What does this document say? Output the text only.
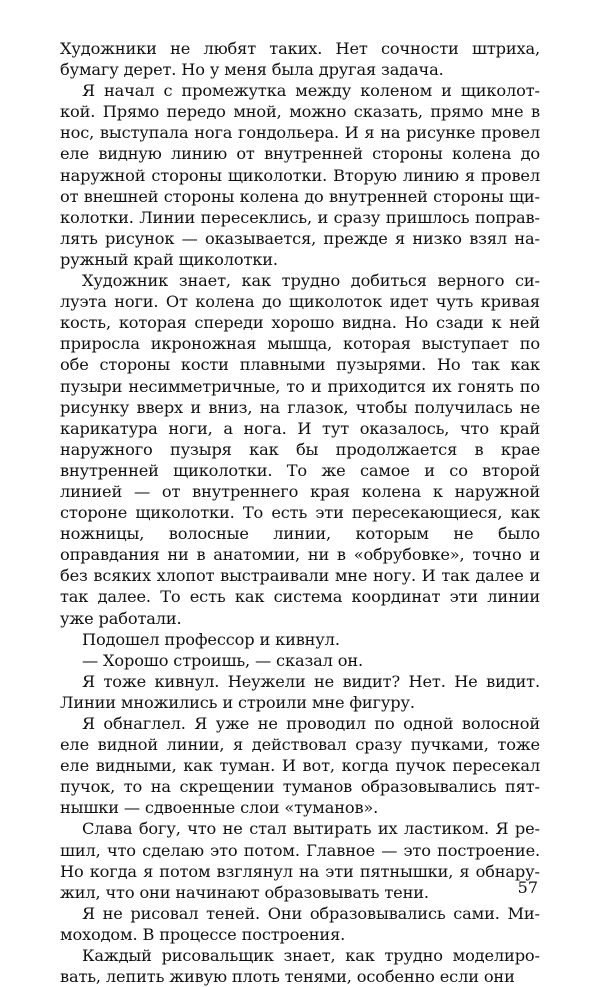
Художники не любят таких. Нет сочности штриха, бумагу дерет. Но у меня была другая задача.

Я начал с промежутка между коленом и щиколоткой. Прямо передо мной, можно сказать, прямо мне в нос, выступала нога гондольера. И я на рисунке провел еле видную линию от внутренней стороны колена до наружной стороны щиколотки. Вторую линию я провел от внешней стороны колена до внутренней стороны щиколотки. Линии пересеклись, и сразу пришлось поправлять рисунок — оказывается, прежде я низко взял наружный край щиколотки.

Художник знает, как трудно добиться верного силуэта ноги. От колена до щиколоток идет чуть кривая кость, которая спереди хорошо видна. Но сзади к ней приросла икроножная мышца, которая выступает по обе стороны кости плавными пузырями. Но так как пузыри несимметричные, то и приходится их гонять по рисунку вверх и вниз, на глазок, чтобы получилась не карикатура ноги, а нога. И тут оказалось, что край наружного пузыря как бы продолжается в крае внутренней щиколотки. То же самое и со второй линией — от внутреннего края колена к наружной стороне щиколотки. То есть эти пересекающиеся, как ножницы, волосные линии, которым не было оправдания ни в анатомии, ни в «обрубовке», точно и без всяких хлопот выстраивали мне ногу. И так далее и так далее. То есть как система координат эти линии уже работали.

Подошел профессор и кивнул.

— Хорошо строишь, — сказал он.

Я тоже кивнул. Неужели не видит? Нет. Не видит. Линии множились и строили мне фигуру.

Я обнаглел. Я уже не проводил по одной волосной еле видной линии, я действовал сразу пучками, тоже еле видными, как туман. И вот, когда пучок пересекал пучок, то на скрещении туманов образовывались пятнышки — сдвоенные слои «туманов».

Слава богу, что не стал вытирать их ластиком. Я решил, что сделаю это потом. Главное — это построение. Но когда я потом взглянул на эти пятнышки, я обнаружил, что они начинают образовывать тени.

Я не рисовал теней. Они образовывались сами. Мимоходом. В процессе построения.

Каждый рисовальщик знает, как трудно моделировать, лепить живую плоть тенями, особенно если они

57
